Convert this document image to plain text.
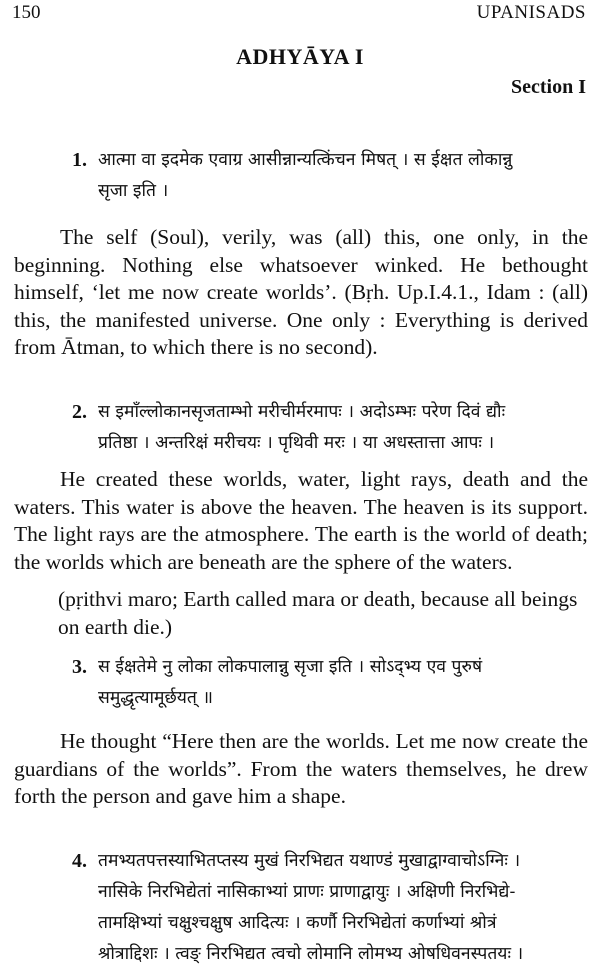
150	UPANISADS
ADHYĀYA I
Section I
1. आत्मा वा इदमेक एवाग्र आसीन्नान्यत्किंचन मिषत् । स ईक्षत लोकान्नु
सृजा इति ।

The self (Soul), verily, was (all) this, one only, in the beginning. Nothing else whatsoever winked. He bethought himself, ‘let me now create worlds’. (Bṛh. Up.I.4.1., Idam : (all) this, the manifested universe. One only : Everything is derived from Ātman, to which there is no second).

2. स इमाँल्लोकानसृजताम्भो मरीचीर्मरमापः । अदोऽम्भः परेण दिवं द्यौः
प्रतिष्ठा । अन्तरिक्षं मरीचयः । पृथिवी मरः । या अधस्तात्ता आपः ।

He created these worlds, water, light rays, death and the waters. This water is above the heaven. The heaven is its support. The light rays are the atmosphere. The earth is the world of death; the worlds which are beneath are the sphere of the waters.

(pṛithvi maro; Earth called mara or death, because all beings on earth die.)
3. स ईक्षतेमे नु लोका लोकपालान्नु सृजा इति । सोऽद्भ्य एव पुरुषं
समुद्धृत्यामूर्छयत् ॥

He thought “Here then are the worlds. Let me now create the guardians of the worlds”. From the waters themselves, he drew forth the person and gave him a shape.

4. तमभ्यतपत्तस्याभितप्तस्य मुखं निरभिद्यत यथाण्डं मुखाद्वाग्वाचोऽग्निः ।
नासिके निरभिद्येतां नासिकाभ्यां प्राणः प्राणाद्वायुः । अक्षिणी निरभिद्ये-
तामक्षिभ्यां चक्षुश्चक्षुष आदित्यः । कर्णौ निरभिद्येतां कर्णाभ्यां श्रोत्रं
श्रोत्राद्दिशः । त्वङ् निरभिद्यत त्वचो लोमानि लोमभ्य ओषधिवनस्पतयः ।
